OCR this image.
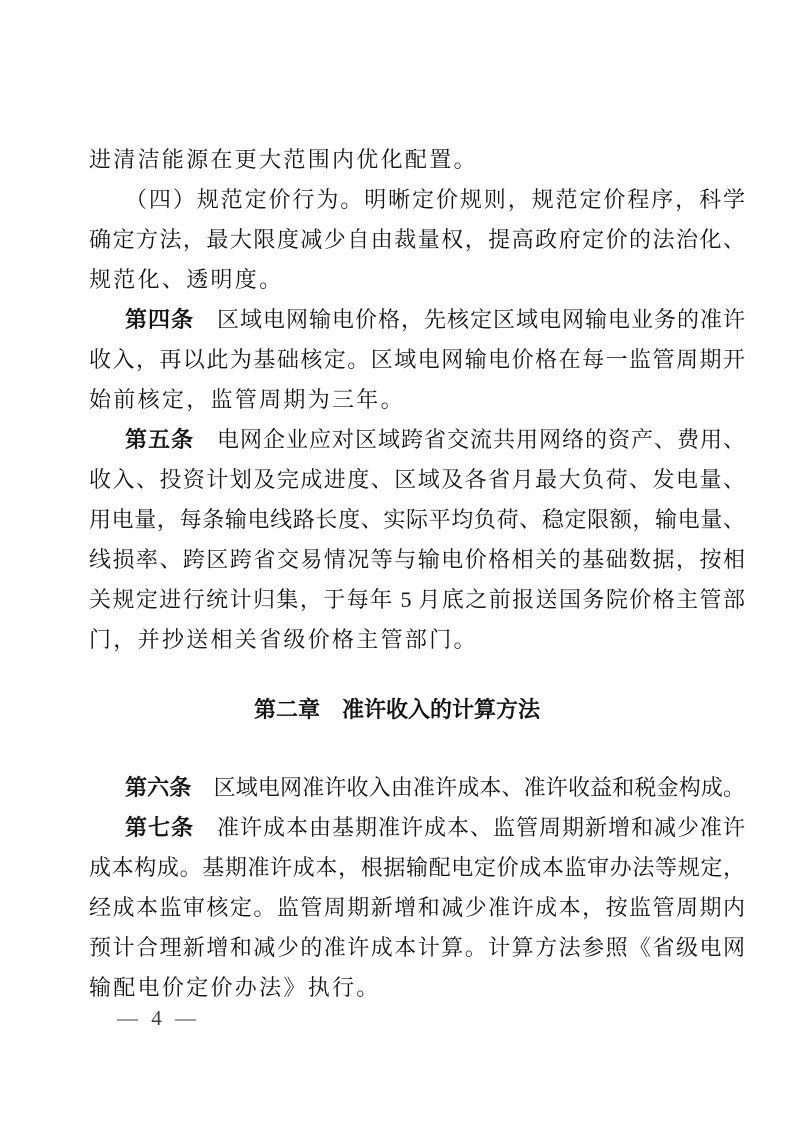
进清洁能源在更大范围内优化配置。
（四）规范定价行为。明晰定价规则，规范定价程序，科学
确定方法，最大限度减少自由裁量权，提高政府定价的法治化、
规范化、透明度。
第四条　区域电网输电价格，先核定区域电网输电业务的准许
收入，再以此为基础核定。区域电网输电价格在每一监管周期开
始前核定，监管周期为三年。
第五条　电网企业应对区域跨省交流共用网络的资产、费用、
收入、投资计划及完成进度、区域及各省月最大负荷、发电量、
用电量，每条输电线路长度、实际平均负荷、稳定限额，输电量、
线损率、跨区跨省交易情况等与输电价格相关的基础数据，按相
关规定进行统计归集，于每年 5 月底之前报送国务院价格主管部
门，并抄送相关省级价格主管部门。
第二章　准许收入的计算方法
第六条　区域电网准许收入由准许成本、准许收益和税金构成。
第七条　准许成本由基期准许成本、监管周期新增和减少准许
成本构成。基期准许成本，根据输配电定价成本监审办法等规定，
经成本监审核定。监管周期新增和减少准许成本，按监管周期内
预计合理新增和减少的准许成本计算。计算方法参照《省级电网
输配电价定价办法》执行。
— 4 —
